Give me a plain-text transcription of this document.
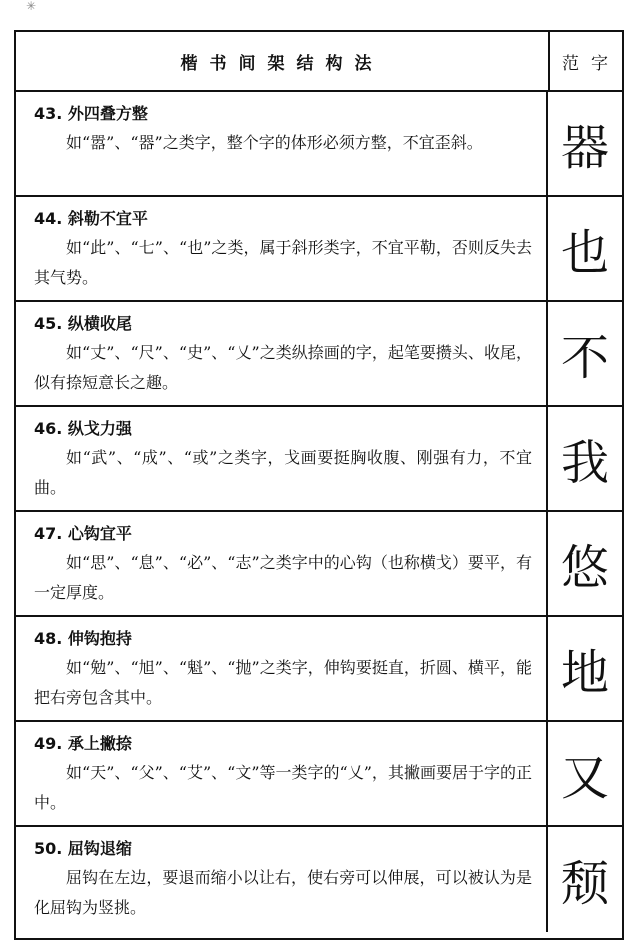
✳
楷书间架结构法	范字
43. 外四叠方整
如“嚣”、“器”之类字，整个字的体形必须方整，不宜歪斜。	器
44. 斜勒不宜平
如“此”、“七”、“也”之类，属于斜形类字，不宜平勒，否则反失去其气势。	也
45. 纵横收尾
如“丈”、“尺”、“史”、“乂”之类纵捺画的字，起笔要攒头、收尾，似有捺短意长之趣。	不
46. 纵戈力强
如“武”、“成”、“或”之类字，戈画要挺胸收腹、刚强有力，不宜曲。	我
47. 心钩宜平
如“思”、“息”、“必”、“志”之类字中的心钩（也称横戈）要平，有一定厚度。	悠
48. 伸钩抱持
如“勉”、“旭”、“魁”、“抛”之类字，伸钩要挺直，折圆、横平，能把右旁包含其中。	地
49. 承上撇捺
如“天”、“父”、“艾”、“文”等一类字的“乂”，其撇画要居于字的正中。	又
50. 屈钩退缩
屈钩在左边，要退而缩小以让右，使右旁可以伸展，可以被认为是化屈钩为竖挑。	颓
